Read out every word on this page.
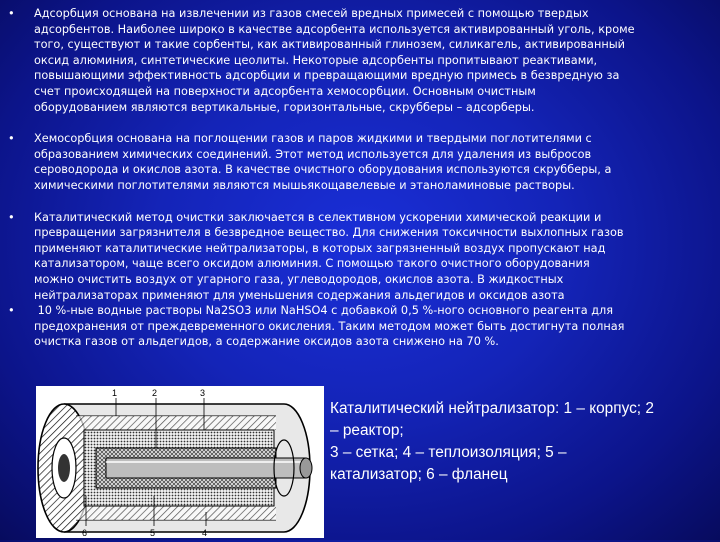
• Адсорбция основана на извлечении из газов смесей вредных примесей с помощью твердых
адсорбентов. Наиболее широко в качестве адсорбента используется активированный уголь, кроме
того, существуют и такие сорбенты, как активированный глинозем, силикагель, активированный
оксид алюминия, синтетические цеолиты. Некоторые адсорбенты пропитывают реактивами,
повышающими эффективность адсорбции и превращающими вредную примесь в безвредную за
счет происходящей на поверхности адсорбента хемосорбции. Основным очистным
оборудованием являются вертикальные, горизонтальные, скрубберы – адсорберы.
• Хемосорбция основана на поглощении газов и паров жидкими и твердыми поглотителями с
образованием химических соединений. Этот метод используется для удаления из выбросов
сероводорода и окислов азота. В качестве очистного оборудования используются скрубберы, а
химическими поглотителями являются мышьякощавелевые и этаноламиновые растворы.
• Каталитический метод очистки заключается в селективном ускорении химической реакции и
превращении загрязнителя в безвредное вещество. Для снижения токсичности выхлопных газов
применяют каталитические нейтрализаторы, в которых загрязненный воздух пропускают над
катализатором, чаще всего оксидом алюминия. С помощью такого очистного оборудования
можно очистить воздух от угарного газа, углеводородов, окислов азота. В жидкостных
нейтрализаторах применяют для уменьшения содержания альдегидов и оксидов азота
• 10 %-ные водные растворы Na2SO3 или NaHSO4 с добавкой 0,5 %-ного основного реагента для
предохранения от преждевременного окисления. Таким методом может быть достигнута полная
очистка газов от альдегидов, а содержание оксидов азота снижено на 70 %.
1	2	3
6	5	4
Каталитический нейтрализатор: 1 – корпус; 2
– реактор;
3 – сетка; 4 – теплоизоляция; 5 –
катализатор; 6 – фланец
